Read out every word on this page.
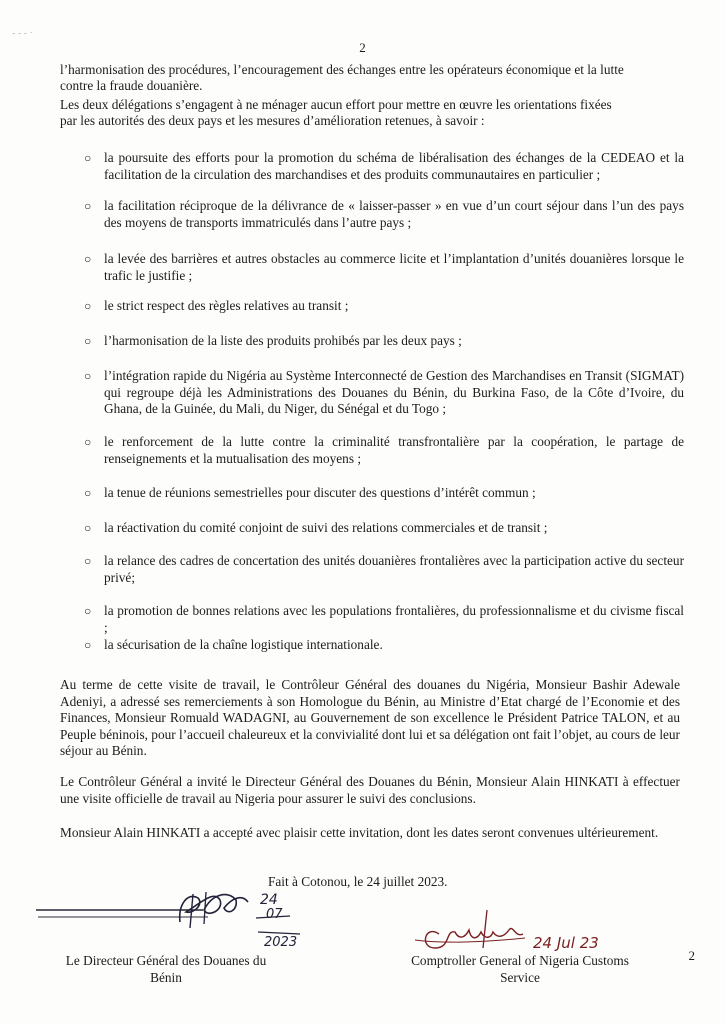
‑ ‑ ‑ ·
2
l’harmonisation des procédures, l’encouragement des échanges entre les opérateurs économique et la lutte
contre la fraude douanière.
Les deux délégations s’engagent à ne ménager aucun effort pour mettre en œuvre les orientations fixées
par les autorités des deux pays et les mesures d’amélioration retenues, à savoir :
○ la poursuite des efforts pour la promotion du schéma de libéralisation des échanges de la CEDEAO et la facilitation de la circulation des marchandises et des produits communautaires en particulier ;
○ la facilitation réciproque de la délivrance de « laisser-passer » en vue d’un court séjour dans l’un des pays des moyens de transports immatriculés dans l’autre pays ;
○ la levée des barrières et autres obstacles au commerce licite et l’implantation d’unités douanières lorsque le trafic le justifie ;
○ le strict respect des règles relatives au transit ;
○ l’harmonisation de la liste des produits prohibés par les deux pays ;
○ l’intégration rapide du Nigéria au Système Interconnecté de Gestion des Marchandises en Transit (SIGMAT) qui regroupe déjà les Administrations des Douanes du Bénin, du Burkina Faso, de la Côte d’Ivoire, du Ghana, de la Guinée, du Mali, du Niger, du Sénégal et du Togo ;
○ le renforcement de la lutte contre la criminalité transfrontalière par la coopération, le partage de renseignements et la mutualisation des moyens ;
○ la tenue de réunions semestrielles pour discuter des questions d’intérêt commun ;
○ la réactivation du comité conjoint de suivi des relations commerciales et de transit ;
○ la relance des cadres de concertation des unités douanières frontalières avec la participation active du secteur privé;
○ la promotion de bonnes relations avec les populations frontalières, du professionnalisme et du civisme fiscal ;
○ la sécurisation de la chaîne logistique internationale.
Au terme de cette visite de travail, le Contrôleur Général des douanes du Nigéria, Monsieur Bashir Adewale Adeniyi, a adressé ses remerciements à son Homologue du Bénin, au Ministre d’Etat chargé de l’Economie et des Finances, Monsieur Romuald WADAGNI, au Gouvernement de son excellence le Président Patrice TALON, et au Peuple béninois, pour l’accueil chaleureux et la convivialité dont lui et sa délégation ont fait l’objet, au cours de leur séjour au Bénin.
Le Contrôleur Général a invité le Directeur Général des Douanes du Bénin, Monsieur Alain HINKATI à effectuer une visite officielle de travail au Nigeria pour assurer le suivi des conclusions.
Monsieur Alain HINKATI a accepté avec plaisir cette invitation, dont les dates seront convenues ultérieurement.
Fait à Cotonou, le 24 juillet 2023.
24
07
2023	24 Jul 23
Le Directeur Général des Douanes du
Bénin
Comptroller General of Nigeria Customs
Service
2
